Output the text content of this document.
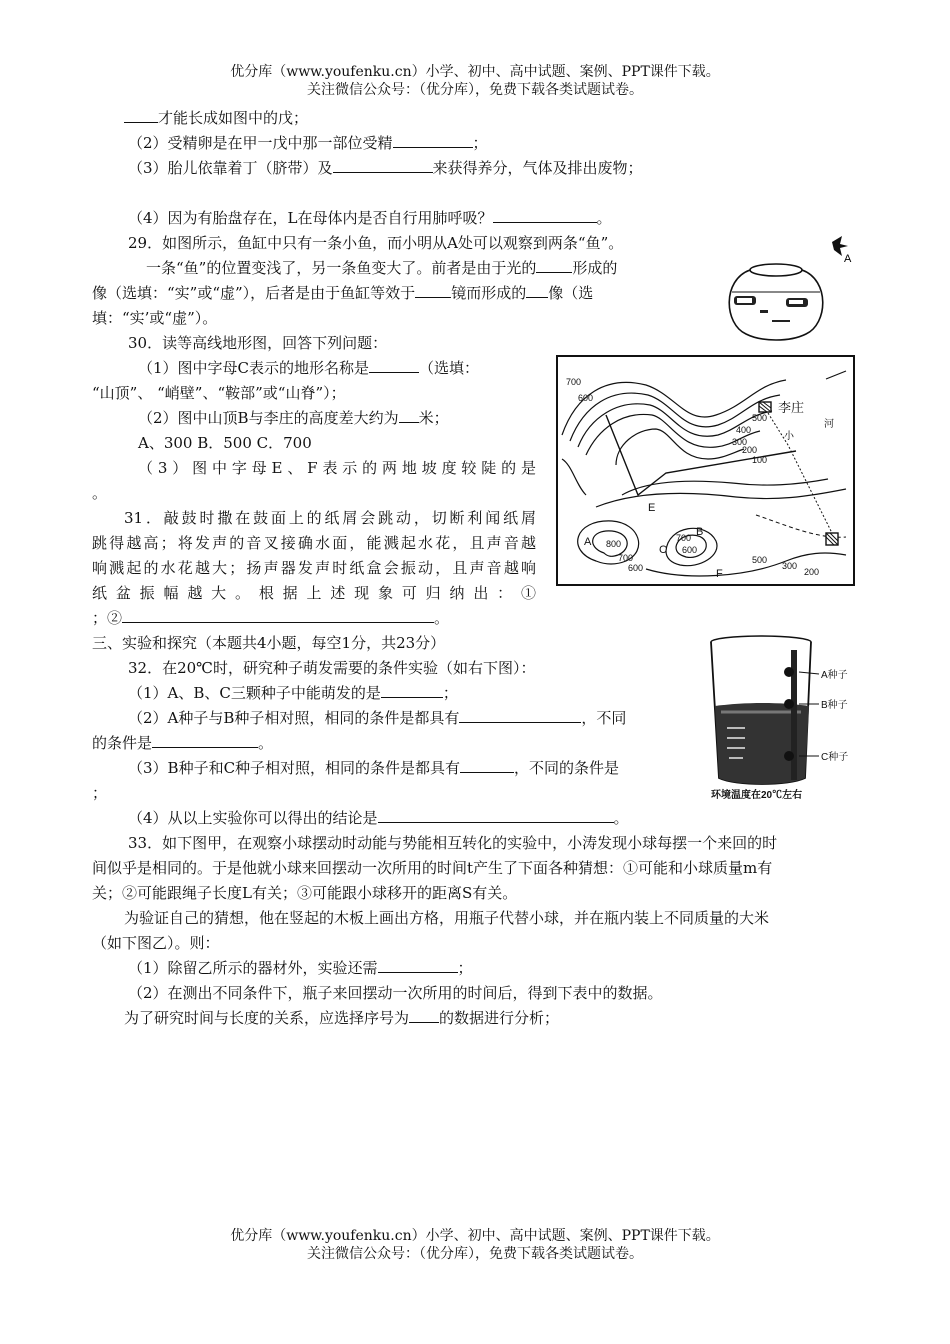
优分库（www.youfenku.cn）小学、初中、高中试题、案例、PPT课件下载。
关注微信公众号：（优分库），免费下载各类试题试卷。
才能长成如图中的戊；
（2）受精卵是在甲一戊中那一部位受精	；
（3）胎儿依靠着丁（脐带）及	来获得养分，气体及排出废物；
（4）因为有胎盘存在，L在母体内是否自行用肺呼吸？	。
29．如图所示，鱼缸中只有一条小鱼，而小明从A处可以观察到两条“鱼”。
一条“鱼”的位置变浅了，另一条鱼变大了。前者是由于光的 形成的
像（选填：“实”或“虚”），后者是由于鱼缸等效于 镜而形成的 像（选
填：“实’或“虚”）。
A
30．读等高线地形图，回答下列问题：
（1）图中字母C表示的地形名称是	（选填：
“山顶”、 “峭壁”、“鞍部”或“山脊”）；
（2）图中山顶B与李庄的高度差大约为 米；
A、300 B．500 C．700
（3）图中字母E、F表示的两地坡度较陡的是
。
李庄
小
河
A
B
C
E
F
700
600
500
400
300
200
100
800
700
600
700
600
500
300
200
31．敲鼓时撒在鼓面上的纸屑会跳动，切断利闻纸屑
跳得越高；将发声的音叉接确水面，能溅起水花，且声音越
响溅起的水花越大；扬声器发声时纸盒会振动，且声音越响
纸盆振幅越大。根据上述现象可归纳出：①
；②	。
三、实验和探究（本题共4小题，每空1分，共23分）
32．在20℃时，研究种子萌发需要的条件实验（如右下图）：
（1）A、B、C三颗种子中能萌发的是	；
（2）A种子与B种子相对照，相同的条件是都具有	，不同
的条件是	。
（3）B种子和C种子相对照，相同的条件是都具有	，不同的条件是
；
（4）从以上实验你可以得出的结论是	。
A种子
B种子
C种子
环境温度在20℃左右
33．如下图甲，在观察小球摆动时动能与势能相互转化的实验中，小涛发现小球每摆一个来回的时
间似乎是相同的。于是他就小球来回摆动一次所用的时间t产生了下面各种猜想：①可能和小球质量m有
关；②可能跟绳子长度L有关；③可能跟小球移开的距离S有关。
为验证自己的猜想，他在竖起的木板上画出方格，用瓶子代替小球，并在瓶内装上不同质量的大米
（如下图乙）。则：
（1）除留乙所示的器材外，实验还需	；
（2）在测出不同条件下，瓶子来回摆动一次所用的时间后，得到下表中的数据。
为了研究时间与长度的关系，应选择序号为 的数据进行分析；
优分库（www.youfenku.cn）小学、初中、高中试题、案例、PPT课件下载。
关注微信公众号：（优分库），免费下载各类试题试卷。
